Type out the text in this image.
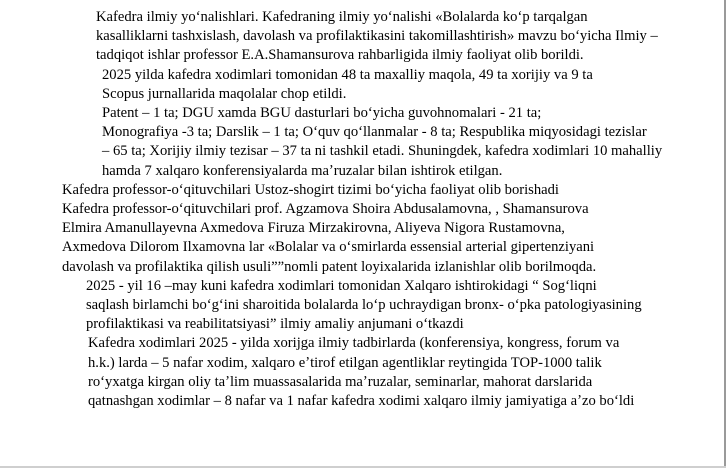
Kafedra ilmiy yoʻnalishlari. Kafedraning ilmiy yoʻnalishi «Bolalarda koʻp tarqalgan
kasalliklarni tashxislash, davolash va profilaktikasini takomillashtirish» mavzu boʻyicha Ilmiy –
tadqiqot ishlar professor E.A.Shamansurova rahbarligida ilmiy faoliyat olib borildi.

2025 yilda kafedra xodimlari tomonidan 48 ta maxalliy maqola, 49 ta xorijiy va 9 ta
Scopus jurnallarida maqolalar chop etildi.

Patent – 1 ta; DGU xamda BGU dasturlari boʻyicha guvohnomalari - 21 ta;
Monografiya -3 ta; Darslik – 1 ta; Oʻquv qoʻllanmalar - 8 ta; Respublika miqyosidagi tezislar
– 65 ta; Xorijiy ilmiy tezisar – 37 ta ni tashkil etadi. Shuningdek, kafedra xodimlari 10 mahalliy
hamda 7 xalqaro konferensiyalarda maʼruzalar bilan ishtirok etilgan.

Kafedra professor-oʻqituvchilari Ustoz-shogirt tizimi boʻyicha faoliyat olib borishadi

Kafedra professor-oʻqituvchilari prof. Agzamova Shoira Abdusalamovna, , Shamansurova
Elmira Amanullayevna Axmedova Firuza Mirzakirovna, Aliyeva Nigora Rustamovna,
Axmedova Dilorom Ilxamovna lar «Bolalar va oʻsmirlarda essensial arterial gipertenziyani
davolash va profilaktika qilish usuli””nomli patent loyixalarida izlanishlar olib borilmoqda.

2025 - yil 16 –may kuni kafedra xodimlari tomonidan Xalqaro ishtirokidagi “ Sogʻliqni
saqlash birlamchi boʻgʻini sharoitida bolalarda loʻp uchraydigan bronx- oʻpka patologiyasining
profilaktikasi va reabilitatsiyasi” ilmiy amaliy anjumani oʻtkazdi

Kafedra xodimlari 2025 - yilda xorijga ilmiy tadbirlarda (konferensiya, kongress, forum va
h.k.) larda – 5 nafar xodim, xalqaro eʼtirof etilgan agentliklar reytingida TOP-1000 talik
roʻyxatga kirgan oliy taʼlim muassasalarida maʼruzalar, seminarlar, mahorat darslarida
qatnashgan xodimlar – 8 nafar va 1 nafar kafedra xodimi xalqaro ilmiy jamiyatiga aʼzo boʻldi
